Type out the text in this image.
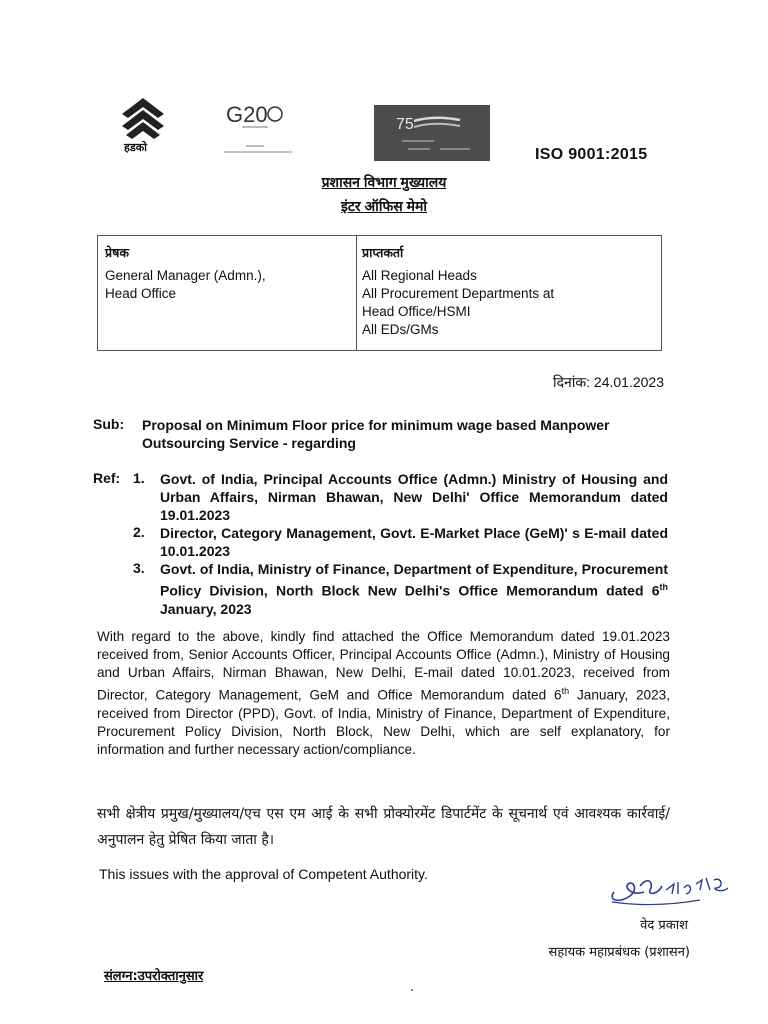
हडको
G20	75
ISO 9001:2015
प्रशासन विभाग मुख्यालय
इंटर ऑफिस मेमो
प्रेषक
General Manager (Admn.),
Head Office
प्राप्तकर्ता
All Regional Heads
All Procurement Departments at
Head Office/HSMI
All EDs/GMs
दिनांक: 24.01.2023
Sub: Proposal on Minimum Floor price for minimum wage based Manpower Outsourcing Service - regarding
Ref: 1. Govt. of India, Principal Accounts Office (Admn.) Ministry of Housing and Urban Affairs, Nirman Bhawan, New Delhi' Office Memorandum dated 19.01.2023
2. Director, Category Management, Govt. E-Market Place (GeM)' s E-mail dated 10.01.2023
3. Govt. of India, Ministry of Finance, Department of Expenditure, Procurement Policy Division, North Block New Delhi's Office Memorandum dated 6th January, 2023
With regard to the above, kindly find attached the Office Memorandum dated 19.01.2023 received from, Senior Accounts Officer, Principal Accounts Office (Admn.), Ministry of Housing and Urban Affairs, Nirman Bhawan, New Delhi, E-mail dated 10.01.2023, received from Director, Category Management, GeM and Office Memorandum dated 6th January, 2023, received from Director (PPD), Govt. of India, Ministry of Finance, Department of Expenditure, Procurement Policy Division, North Block, New Delhi, which are self explanatory, for information and further necessary action/compliance.
सभी क्षेत्रीय प्रमुख/मुख्यालय/एच एस एम आई के सभी प्रोक्योरमेंट डिपार्टमेंट के सूचनार्थ एवं आवश्यक कार्रवाई/अनुपालन हेतु प्रेषित किया जाता है।
This issues with the approval of Competent Authority.
वेद प्रकाश
सहायक महाप्रबंधक (प्रशासन)
संलग्न:उपरोक्तानुसार
